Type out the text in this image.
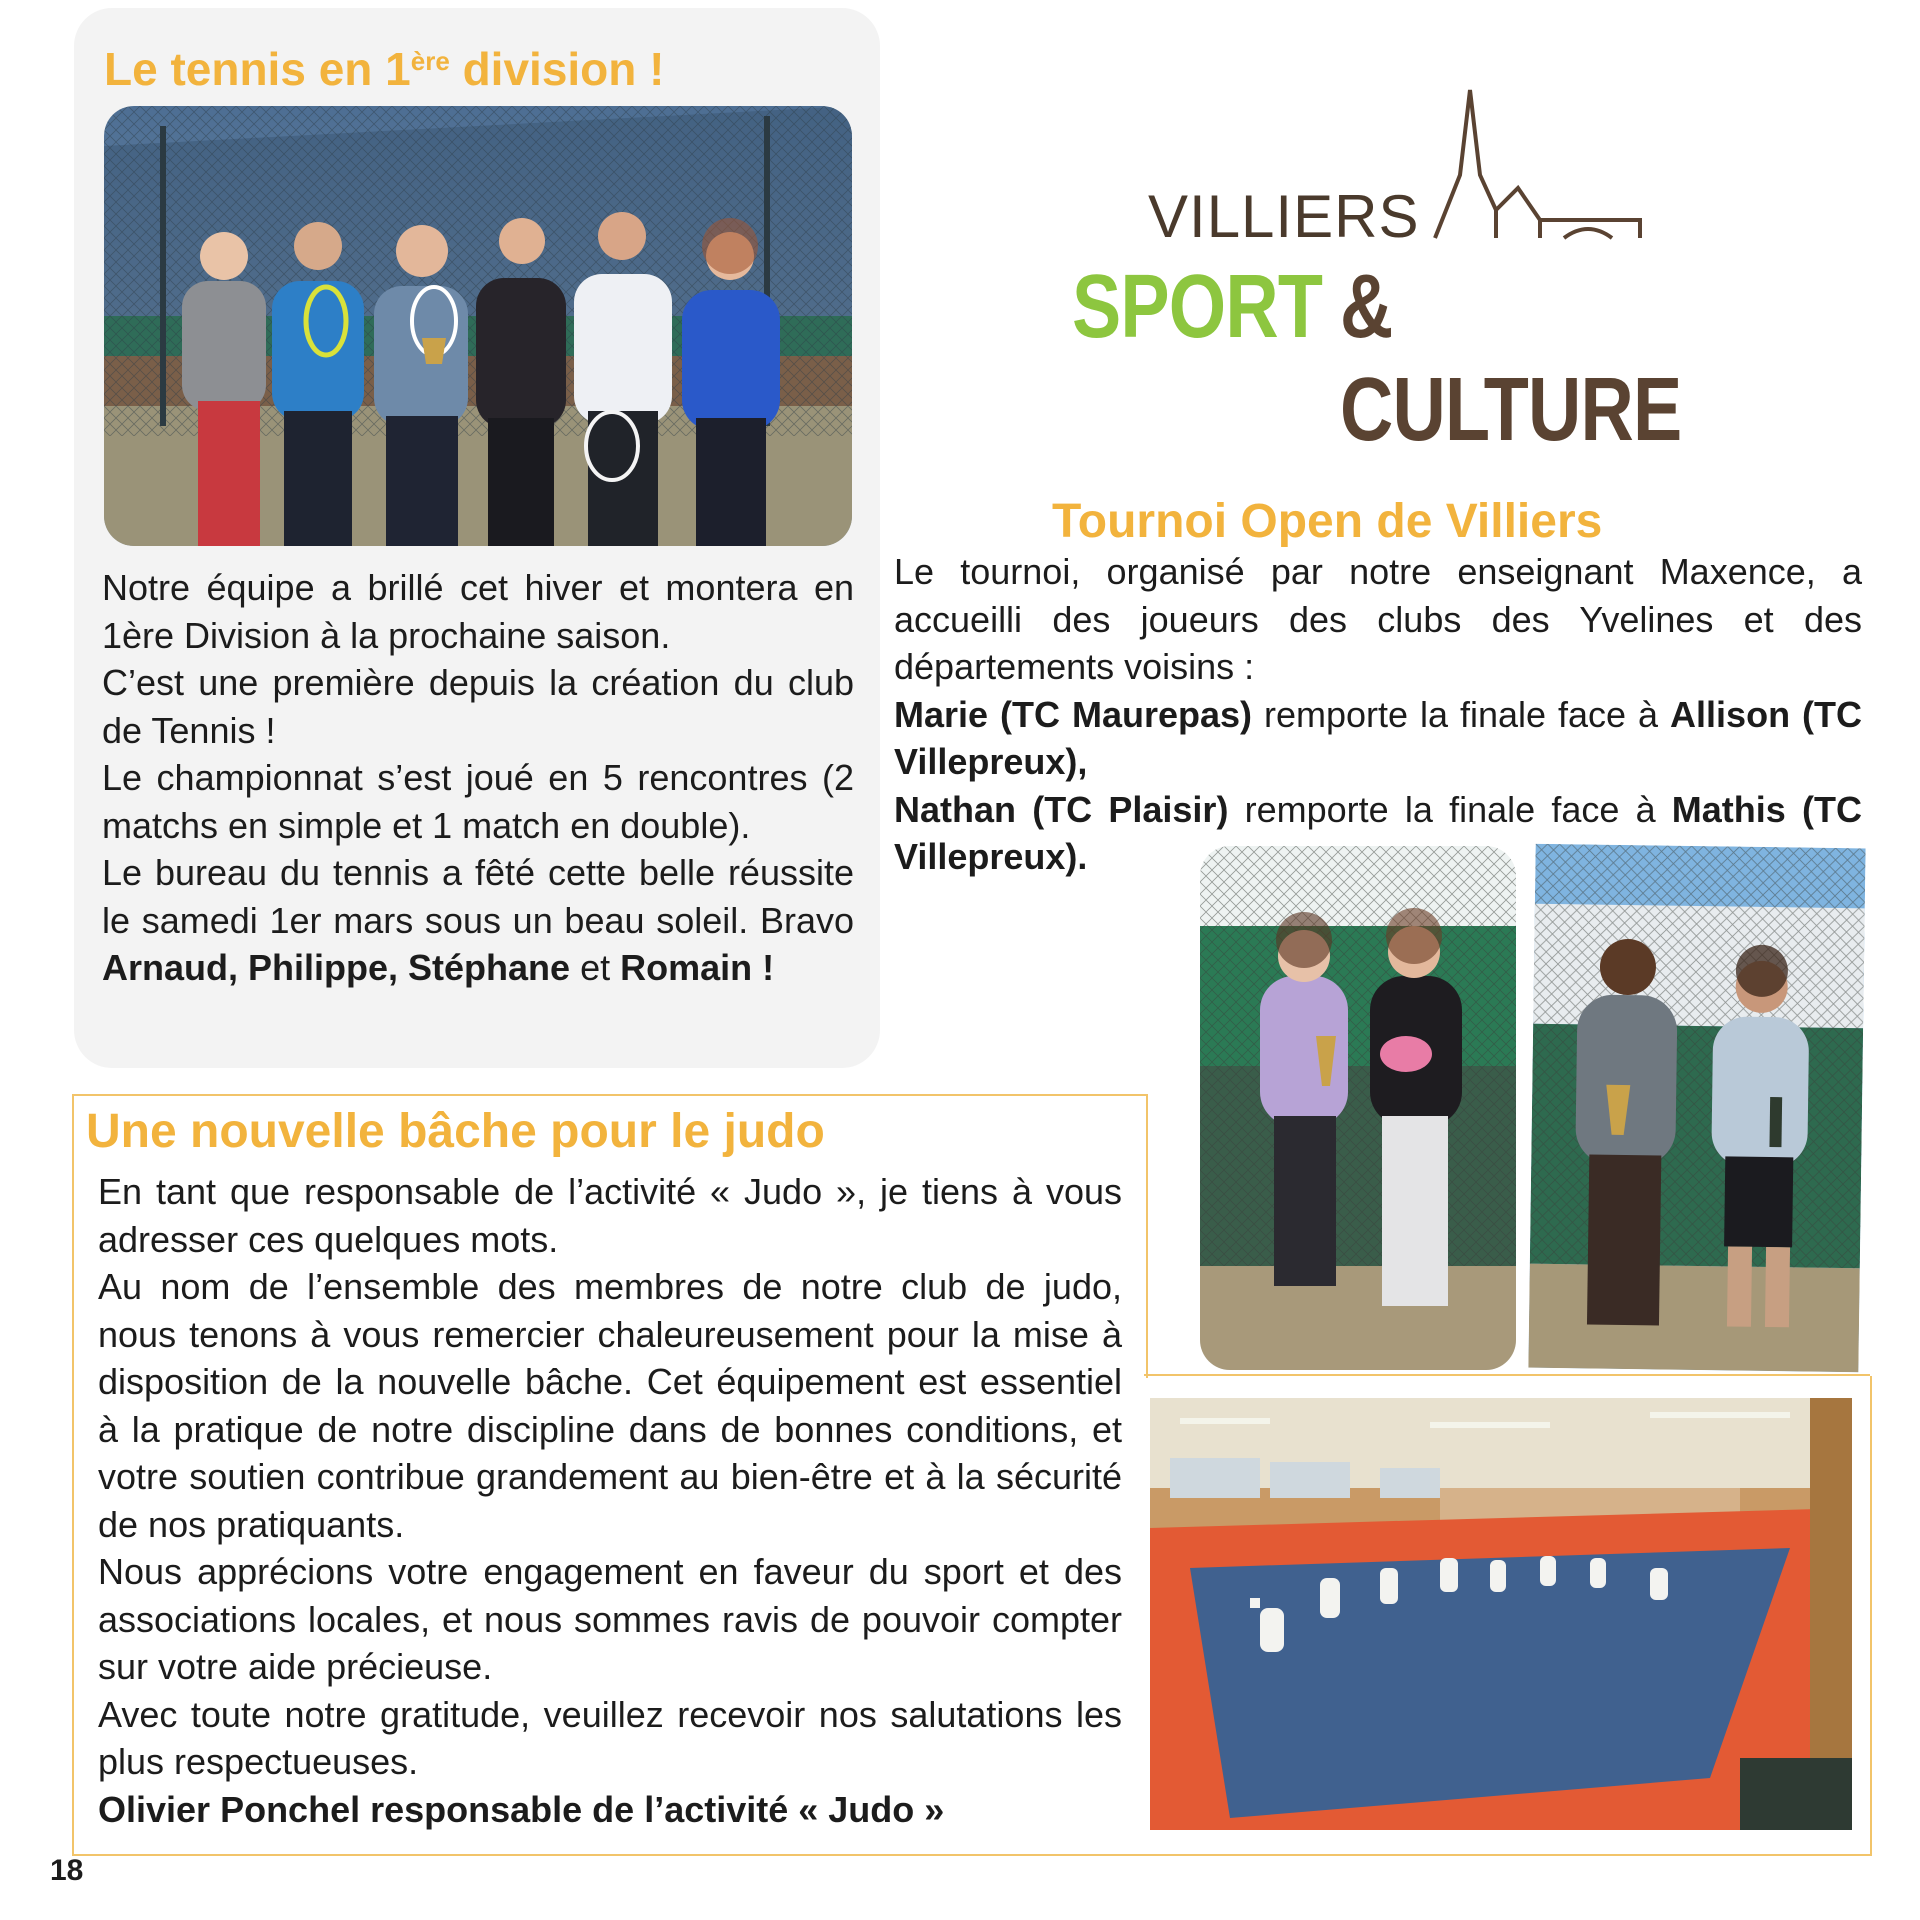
Le tennis en 1ère division !

Notre équipe a brillé cet hiver et montera en 1ère Division à la prochaine saison.

C’est une première depuis la création du club de Tennis !

Le championnat s’est joué en 5 rencontres (2 matchs en simple et 1 match en double).

Le bureau du tennis a fêté cette belle réussite le samedi 1er mars sous un beau soleil. Bravo Arnaud, Philippe, Stéphane et Romain !

VILLIERS
SPORT & CULTURE
Tournoi Open de Villiers

Le tournoi, organisé par notre enseignant Maxence, a accueilli des joueurs des clubs des Yvelines et des départements voisins :

Marie (TC Maurepas) remporte la finale face à Allison (TC Villepreux),

Nathan (TC Plaisir) remporte la finale face à Mathis (TC Villepreux).

Une nouvelle bâche pour le judo

En tant que responsable de l’activité « Judo », je tiens à vous adresser ces quelques mots.

Au nom de l’ensemble des membres de notre club de judo, nous tenons à vous remercier chaleureusement pour la mise à disposition de la nouvelle bâche. Cet équipement est essentiel à la pratique de notre discipline dans de bonnes conditions, et votre soutien contribue grandement au bien-être et à la sécurité de nos pratiquants.

Nous apprécions votre engagement en faveur du sport et des associations locales, et nous sommes ravis de pouvoir compter sur votre aide précieuse.

Avec toute notre gratitude, veuillez recevoir nos salutations les plus respectueuses.

Olivier Ponchel responsable de l’activité « Judo »

18
